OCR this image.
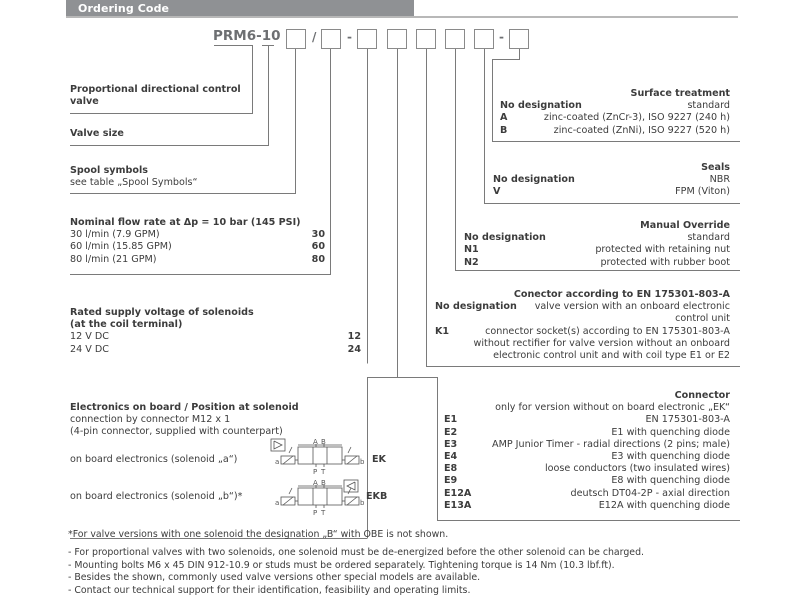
Ordering Code
PRM6-10	/	-	-
Proportional directional control
valve
Valve size
Spool symbols
see table „Spool Symbols“
Nominal flow rate at Δp = 10 bar (145 PSI)
30 l/min (7.9 GPM)	30
60 l/min (15.85 GPM)	60
80 l/min (21 GPM)	80
Rated supply voltage of solenoids
(at the coil terminal)
12 V DC	12
24 V DC	24
Electronics on board / Position at solenoid
connection by connector M12 x 1
(4-pin connector, supplied with counterpart)
on board electronics (solenoid „a“)	EK
on board electronics (solenoid „b“)*	EKB
A B
P T
a	b
A B
P T
a	b
Surface treatment
No designation	standard
A	zinc-coated (ZnCr-3), ISO 9227 (240 h)
B	zinc-coated (ZnNi), ISO 9227 (520 h)
Seals
No designation	NBR
V	FPM (Viton)
Manual Override
No designation	standard
N1	protected with retaining nut
N2	protected with rubber boot
Conector according to EN 175301-803-A
No designation valve version with an onboard electronic
control unit
K1	connector socket(s) according to EN 175301-803-A
without rectifier for valve version without an onboard
electronic control unit and with coil type E1 or E2
Connector
only for version without on board electronic „EK“
E1	EN 175301-803-A
E2	E1 with quenching diode
E3	AMP Junior Timer - radial directions (2 pins; male)
E4	E3 with quenching diode
E8	loose conductors (two insulated wires)
E9	E8 with quenching diode
E12A	deutsch DT04-2P - axial direction
E13A	E12A with quenching diode
*For valve versions with one solenoid the designation „B“ with OBE is not shown.
- For proportional valves with two solenoids, one solenoid must be de-energized before the other solenoid can be charged.
- Mounting bolts M6 x 45 DIN 912-10.9 or studs must be ordered separately. Tightening torque is 14 Nm (10.3 lbf.ft).
- Besides the shown, commonly used valve versions other special models are available.
- Contact our technical support for their identification, feasibility and operating limits.
